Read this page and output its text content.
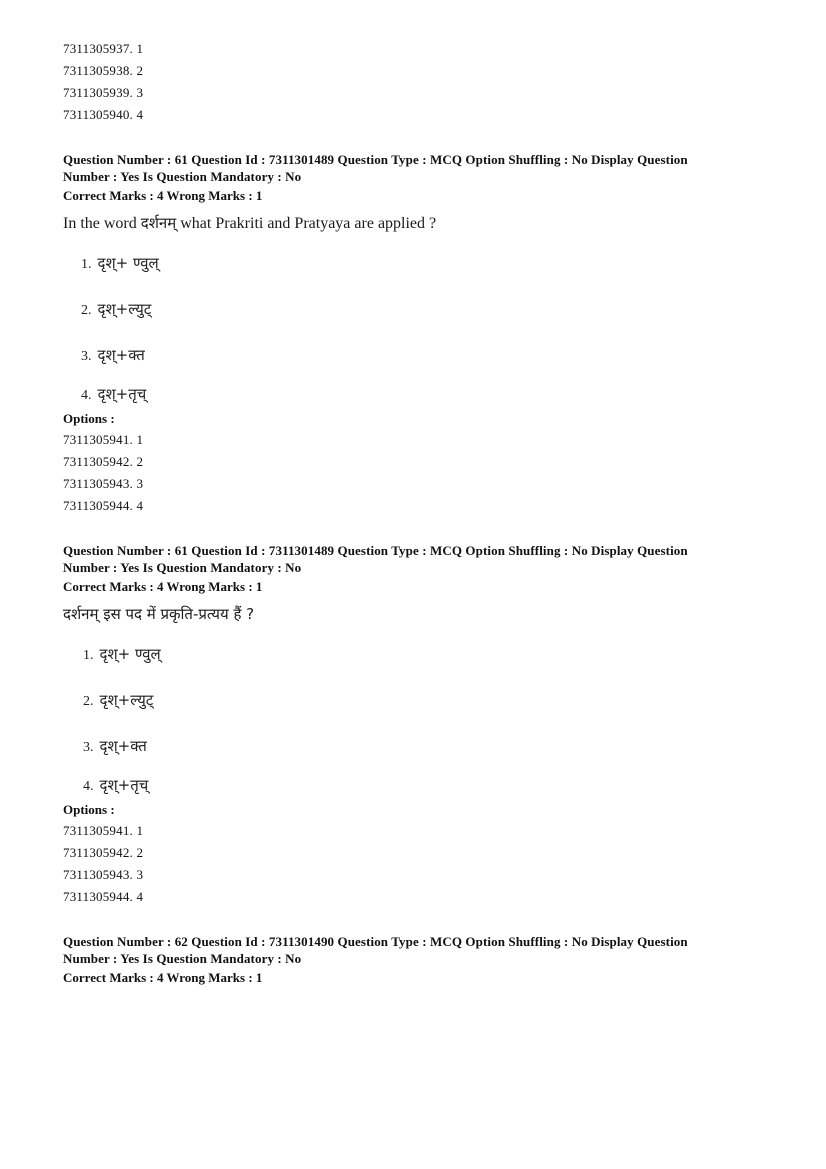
7311305937. 1
7311305938. 2
7311305939. 3
7311305940. 4
Question Number : 61 Question Id : 7311301489 Question Type : MCQ Option Shuffling : No Display Question
Number : Yes Is Question Mandatory : No
Correct Marks : 4 Wrong Marks : 1
In the word दर्शनम् what Prakriti and Pratyaya are applied ?
1. दृश्+ ण्वुल्
2. दृश्+ल्युट्
3. दृश्+क्त
4. दृश्+तृच्
Options :
7311305941. 1
7311305942. 2
7311305943. 3
7311305944. 4
Question Number : 61 Question Id : 7311301489 Question Type : MCQ Option Shuffling : No Display Question
Number : Yes Is Question Mandatory : No
Correct Marks : 4 Wrong Marks : 1
दर्शनम् इस पद में प्रकृति-प्रत्यय हैं ?
1. दृश्+ ण्वुल्
2. दृश्+ल्युट्
3. दृश्+क्त
4. दृश्+तृच्
Options :
7311305941. 1
7311305942. 2
7311305943. 3
7311305944. 4
Question Number : 62 Question Id : 7311301490 Question Type : MCQ Option Shuffling : No Display Question
Number : Yes Is Question Mandatory : No
Correct Marks : 4 Wrong Marks : 1
